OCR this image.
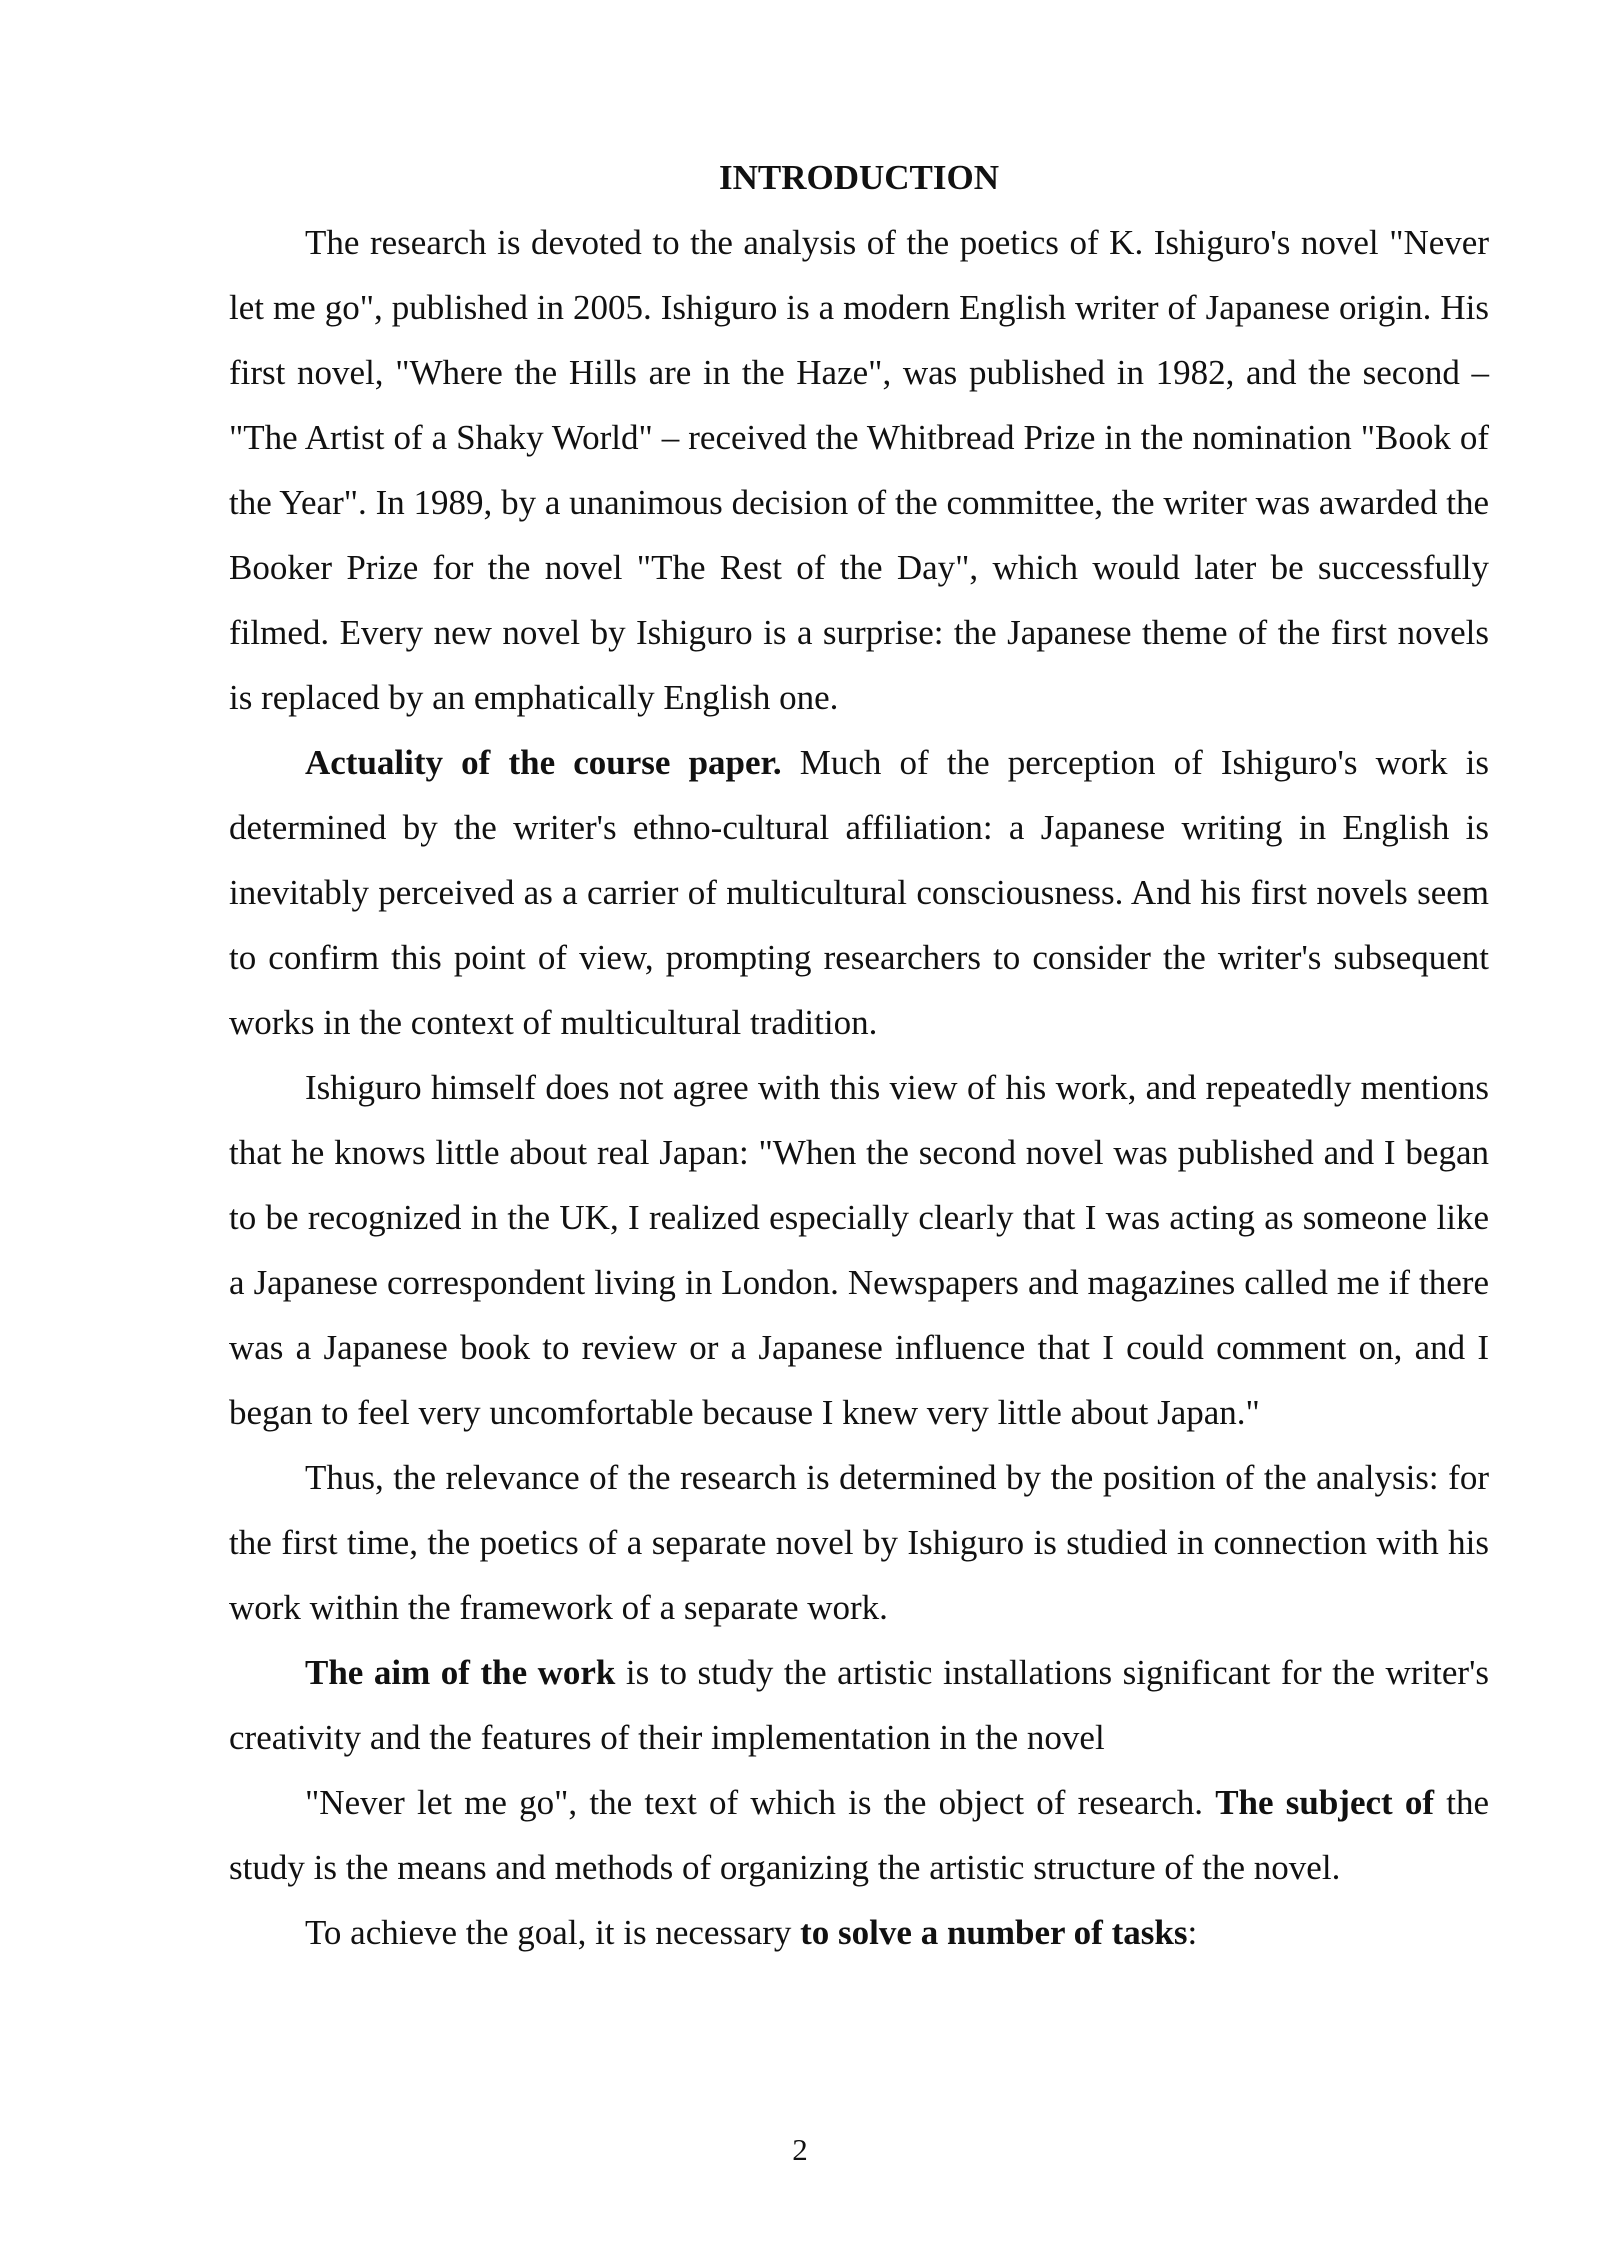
INTRODUCTION

The research is devoted to the analysis of the poetics of K. Ishiguro's novel "Never let me go", published in 2005. Ishiguro is a modern English writer of Japanese origin. His first novel, "Where the Hills are in the Haze", was published in 1982, and the second – "The Artist of a Shaky World" – received the Whitbread Prize in the nomination "Book of the Year". In 1989, by a unanimous decision of the committee, the writer was awarded the Booker Prize for the novel "The Rest of the Day", which would later be successfully filmed. Every new novel by Ishiguro is a surprise: the Japanese theme of the first novels is replaced by an emphatically English one.

Actuality of the course paper. Much of the perception of Ishiguro's work is determined by the writer's ethno-cultural affiliation: a Japanese writing in English is inevitably perceived as a carrier of multicultural consciousness. And his first novels seem to confirm this point of view, prompting researchers to consider the writer's subsequent works in the context of multicultural tradition.

Ishiguro himself does not agree with this view of his work, and repeatedly mentions that he knows little about real Japan: "When the second novel was published and I began to be recognized in the UK, I realized especially clearly that I was acting as someone like a Japanese correspondent living in London. Newspapers and magazines called me if there was a Japanese book to review or a Japanese influence that I could comment on, and I began to feel very uncomfortable because I knew very little about Japan."

Thus, the relevance of the research is determined by the position of the analysis: for the first time, the poetics of a separate novel by Ishiguro is studied in connection with his work within the framework of a separate work.

The aim of the work is to study the artistic installations significant for the writer's creativity and the features of their implementation in the novel

"Never let me go", the text of which is the object of research. The subject of the study is the means and methods of organizing the artistic structure of the novel.

To achieve the goal, it is necessary to solve a number of tasks:

2
